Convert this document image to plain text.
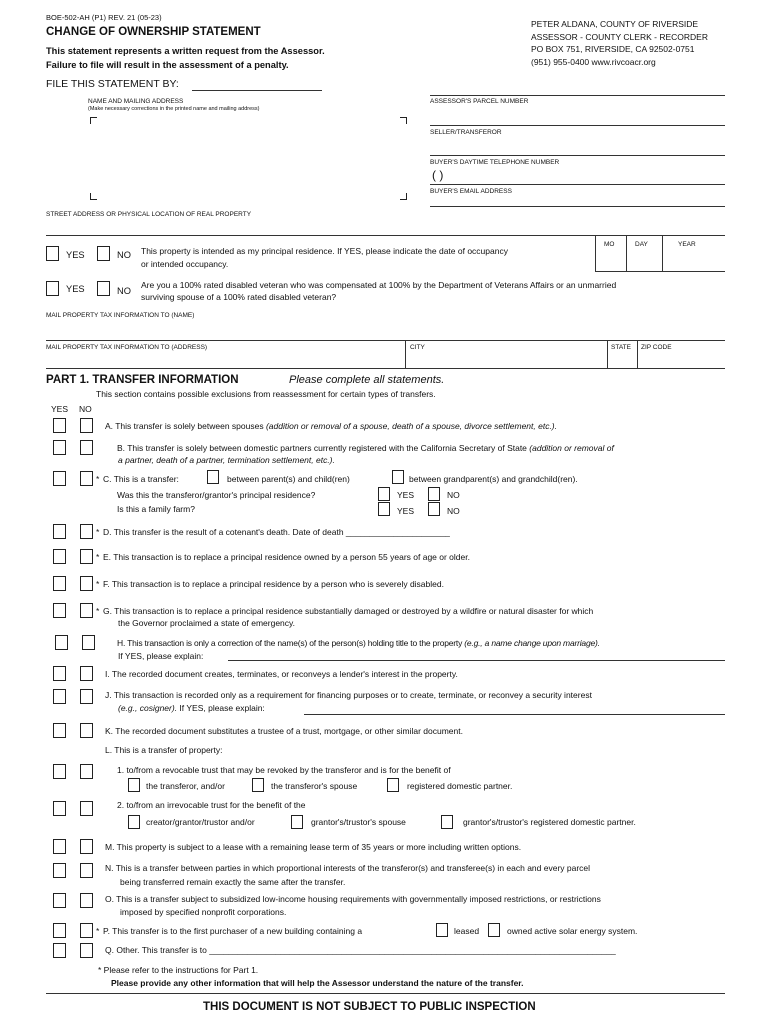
BOE-502-AH (P1) REV. 21 (05-23)
CHANGE OF OWNERSHIP STATEMENT
This statement represents a written request from the Assessor.
Failure to file will result in the assessment of a penalty.
FILE THIS STATEMENT BY:
PETER ALDANA, COUNTY OF RIVERSIDE
ASSESSOR - COUNTY CLERK - RECORDER
PO BOX 751, RIVERSIDE, CA 92502-0751
(951) 955-0400 www.rivcoacr.org
NAME AND MAILING ADDRESS
(Make necessary corrections in the printed name and mailing address)
ASSESSOR'S PARCEL NUMBER
SELLER/TRANSFEROR
BUYER'S DAYTIME TELEPHONE NUMBER
( )
BUYER'S EMAIL ADDRESS
STREET ADDRESS OR PHYSICAL LOCATION OF REAL PROPERTY
YES	NO This property is intended as my principal residence. If YES, please indicate the date of occupancy
or intended occupancy.
MO	DAY	YEAR
YES	NO
Are you a 100% rated disabled veteran who was compensated at 100% by the Department of Veterans Affairs or an unmarried
surviving spouse of a 100% rated disabled veteran?
MAIL PROPERTY TAX INFORMATION TO (NAME)
MAIL PROPERTY TAX INFORMATION TO (ADDRESS)	CITY	STATE ZIP CODE
PART 1. TRANSFER INFORMATION	Please complete all statements.
This section contains possible exclusions from reassessment for certain types of transfers.
YES NO
A. This transfer is solely between spouses (addition or removal of a spouse, death of a spouse, divorce settlement, etc.).
B. This transfer is solely between domestic partners currently registered with the California Secretary of State (addition or removal of
a partner, death of a partner, termination settlement, etc.).
* C. This is a transfer:	between parent(s) and child(ren)	between grandparent(s) and grandchild(ren).
Was this the transferor/grantor's principal residence?	YES	NO
Is this a family farm?	YES	NO
* D. This transfer is the result of a cotenant's death. Date of death ______________________
* E. This transaction is to replace a principal residence owned by a person 55 years of age or older.
* F. This transaction is to replace a principal residence by a person who is severely disabled.
* G. This transaction is to replace a principal residence substantially damaged or destroyed by a wildfire or natural disaster for which
the Governor proclaimed a state of emergency.
H. This transaction is only a correction of the name(s) of the person(s) holding title to the property (e.g., a name change upon marriage).
If YES, please explain:
I. The recorded document creates, terminates, or reconveys a lender's interest in the property.
J. This transaction is recorded only as a requirement for financing purposes or to create, terminate, or reconvey a security interest
(e.g., cosigner). If YES, please explain:
K. The recorded document substitutes a trustee of a trust, mortgage, or other similar document.
L. This is a transfer of property:
1. to/from a revocable trust that may be revoked by the transferor and is for the benefit of
the transferor, and/or	the transferor's spouse	registered domestic partner.
2. to/from an irrevocable trust for the benefit of the
creator/grantor/trustor and/or	grantor's/trustor's spouse	grantor's/trustor's registered domestic partner.
M. This property is subject to a lease with a remaining lease term of 35 years or more including written options.
N. This is a transfer between parties in which proportional interests of the transferor(s) and transferee(s) in each and every parcel
being transferred remain exactly the same after the transfer.
O. This is a transfer subject to subsidized low-income housing requirements with governmentally imposed restrictions, or restrictions
imposed by specified nonprofit corporations.
* P. This transfer is to the first purchaser of a new building containing a	leased	owned active solar energy system.
Q. Other. This transfer is to ______________________________________________________________________________________
* Please refer to the instructions for Part 1.
Please provide any other information that will help the Assessor understand the nature of the transfer.
THIS DOCUMENT IS NOT SUBJECT TO PUBLIC INSPECTION
